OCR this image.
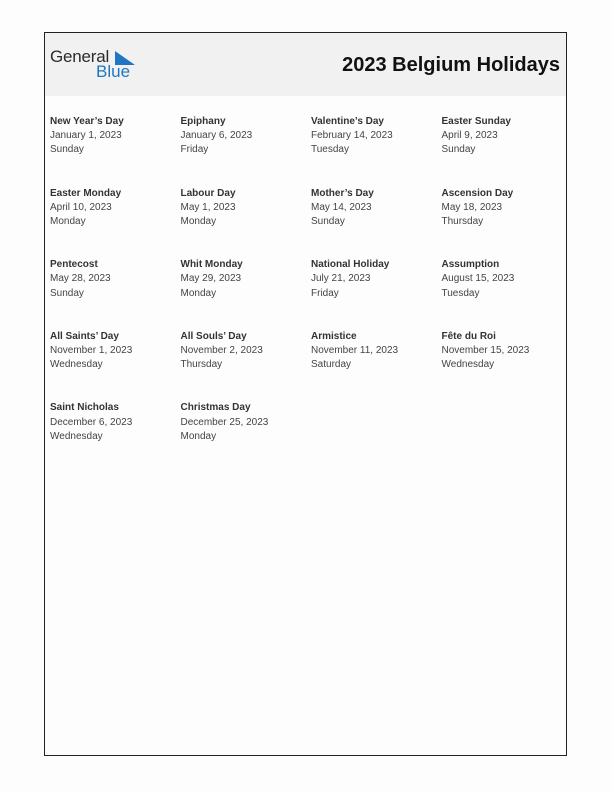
General
Blue	2023 Belgium Holidays
New Year’s Day
January 1, 2023
Sunday
Epiphany
January 6, 2023
Friday
Valentine’s Day
February 14, 2023
Tuesday
Easter Sunday
April 9, 2023
Sunday
Easter Monday
April 10, 2023
Monday
Labour Day
May 1, 2023
Monday
Mother’s Day
May 14, 2023
Sunday
Ascension Day
May 18, 2023
Thursday
Pentecost
May 28, 2023
Sunday
Whit Monday
May 29, 2023
Monday
National Holiday
July 21, 2023
Friday
Assumption
August 15, 2023
Tuesday
All Saints’ Day
November 1, 2023
Wednesday
All Souls’ Day
November 2, 2023
Thursday
Armistice
November 11, 2023
Saturday
Fête du Roi
November 15, 2023
Wednesday
Saint Nicholas
December 6, 2023
Wednesday
Christmas Day
December 25, 2023
Monday
